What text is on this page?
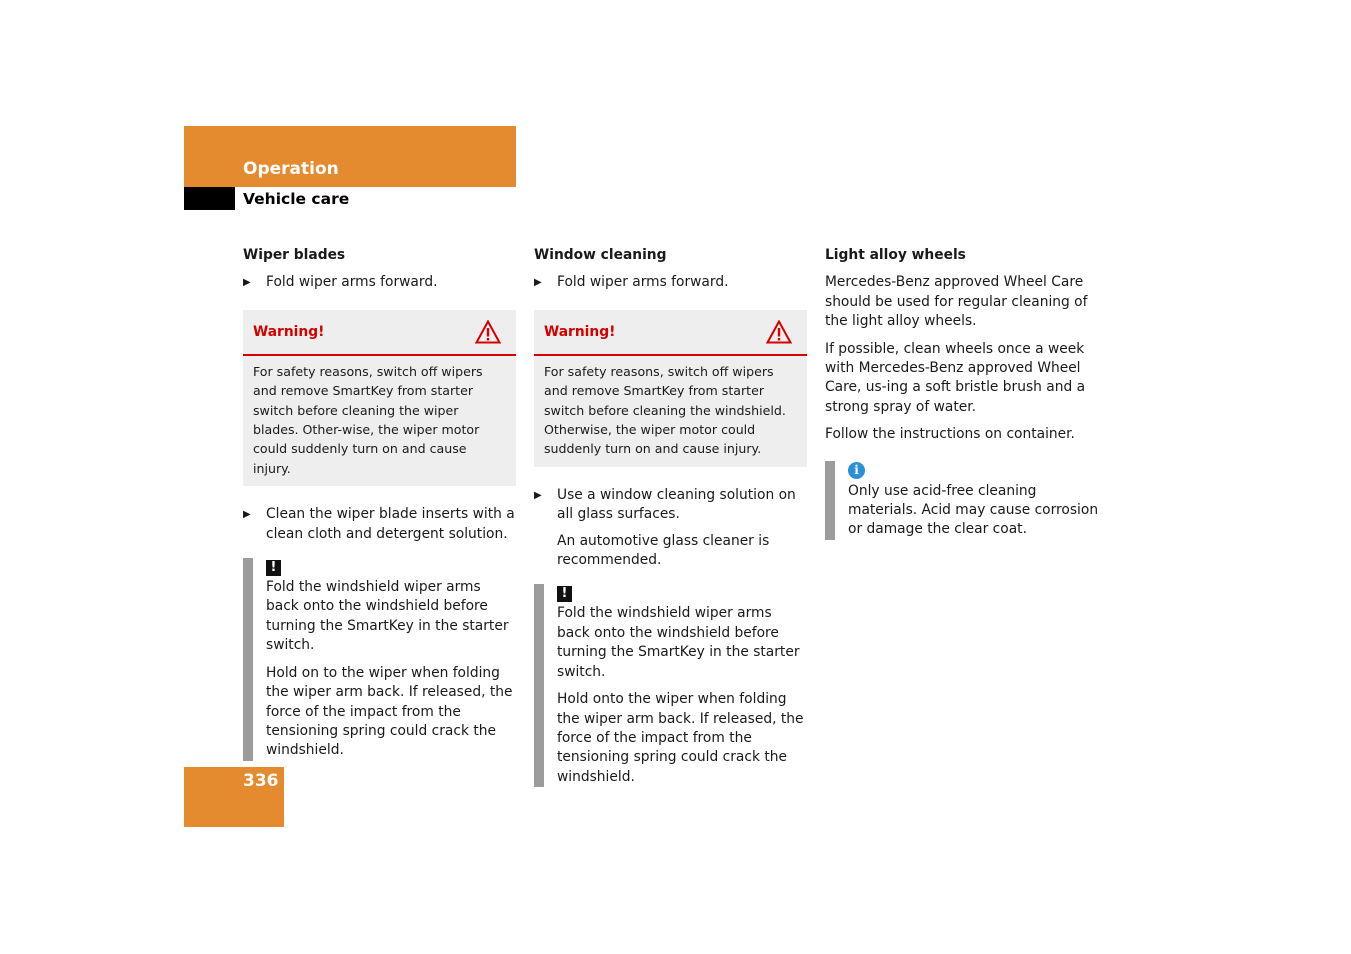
Operation
Vehicle care
Wiper blades
▶ Fold wiper arms forward.
Warning!
For safety reasons, switch off wipers and remove SmartKey from starter switch before cleaning the wiper blades. Other-wise, the wiper motor could suddenly turn on and cause injury.
▶ Clean the wiper blade inserts with a clean cloth and detergent solution.
!

Fold the windshield wiper arms back onto the windshield before turning the SmartKey in the starter switch.

Hold on to the wiper when folding the wiper arm back. If released, the force of the impact from the tensioning spring could crack the windshield.

Window cleaning
▶ Fold wiper arms forward.
Warning!
For safety reasons, switch off wipers and remove SmartKey from starter switch before cleaning the windshield. Otherwise, the wiper motor could suddenly turn on and cause injury.
▶ Use a window cleaning solution on all glass surfaces.
An automotive glass cleaner is recommended.
!

Fold the windshield wiper arms back onto the windshield before turning the SmartKey in the starter switch.

Hold onto the wiper when folding the wiper arm back. If released, the force of the impact from the tensioning spring could crack the windshield.

Light alloy wheels

Mercedes-Benz approved Wheel Care should be used for regular cleaning of the light alloy wheels.

If possible, clean wheels once a week with Mercedes-Benz approved Wheel Care, us-ing a soft bristle brush and a strong spray of water.

Follow the instructions on container.

i

Only use acid-free cleaning materials. Acid may cause corrosion or damage the clear coat.

336
